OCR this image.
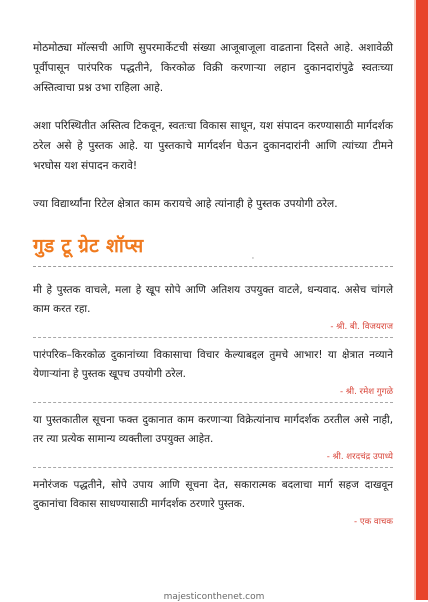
मोठमोठ्या मॉल्सची आणि सुपरमार्केटची संख्या आजूबाजूला वाढताना दिसते आहे. अशावेळी पूर्वीपासून पारंपरिक पद्धतीने, किरकोळ विक्री करणाऱ्या लहान दुकानदारांपुढे स्वतःच्या अस्तित्वाचा प्रश्न उभा राहिला आहे.

अशा परिस्थितीत अस्तित्व टिकवून, स्वतःचा विकास साधून, यश संपादन करण्यासाठी मार्गदर्शक ठरेल असे हे पुस्तक आहे. या पुस्तकाचे मार्गदर्शन घेऊन दुकानदारांनी आणि त्यांच्या टीमने भरघोस यश संपादन करावे!

ज्या विद्यार्थ्यांना रिटेल क्षेत्रात काम करायचे आहे त्यांनाही हे पुस्तक उपयोगी ठरेल.

गुड टू ग्रेट शॉप्स

मी हे पुस्तक वाचले, मला हे खूप सोपे आणि अतिशय उपयुक्त वाटले, धन्यवाद. असेच चांगले काम करत रहा.

- श्री. बी. विजयराज

पारंपरिक–किरकोळ दुकानांच्या विकासाचा विचार केल्याबद्दल तुमचे आभार! या क्षेत्रात नव्याने येणाऱ्यांना हे पुस्तक खूपच उपयोगी ठरेल.

- श्री. रमेश गुगळे

या पुस्तकातील सूचना फक्त दुकानात काम करणाऱ्या विक्रेत्यांनाच मार्गदर्शक ठरतील असे नाही, तर त्या प्रत्येक सामान्य व्यक्तीला उपयुक्त आहेत.

- श्री. शरदचंद्र उपाध्ये

मनोरंजक पद्धतीने, सोपे उपाय आणि सूचना देत, सकारात्मक बदलाचा मार्ग सहज दाखवून दुकानांचा विकास साधण्यासाठी मार्गदर्शक ठरणारे पुस्तक.

- एक वाचक
'
majesticonthenet.com
